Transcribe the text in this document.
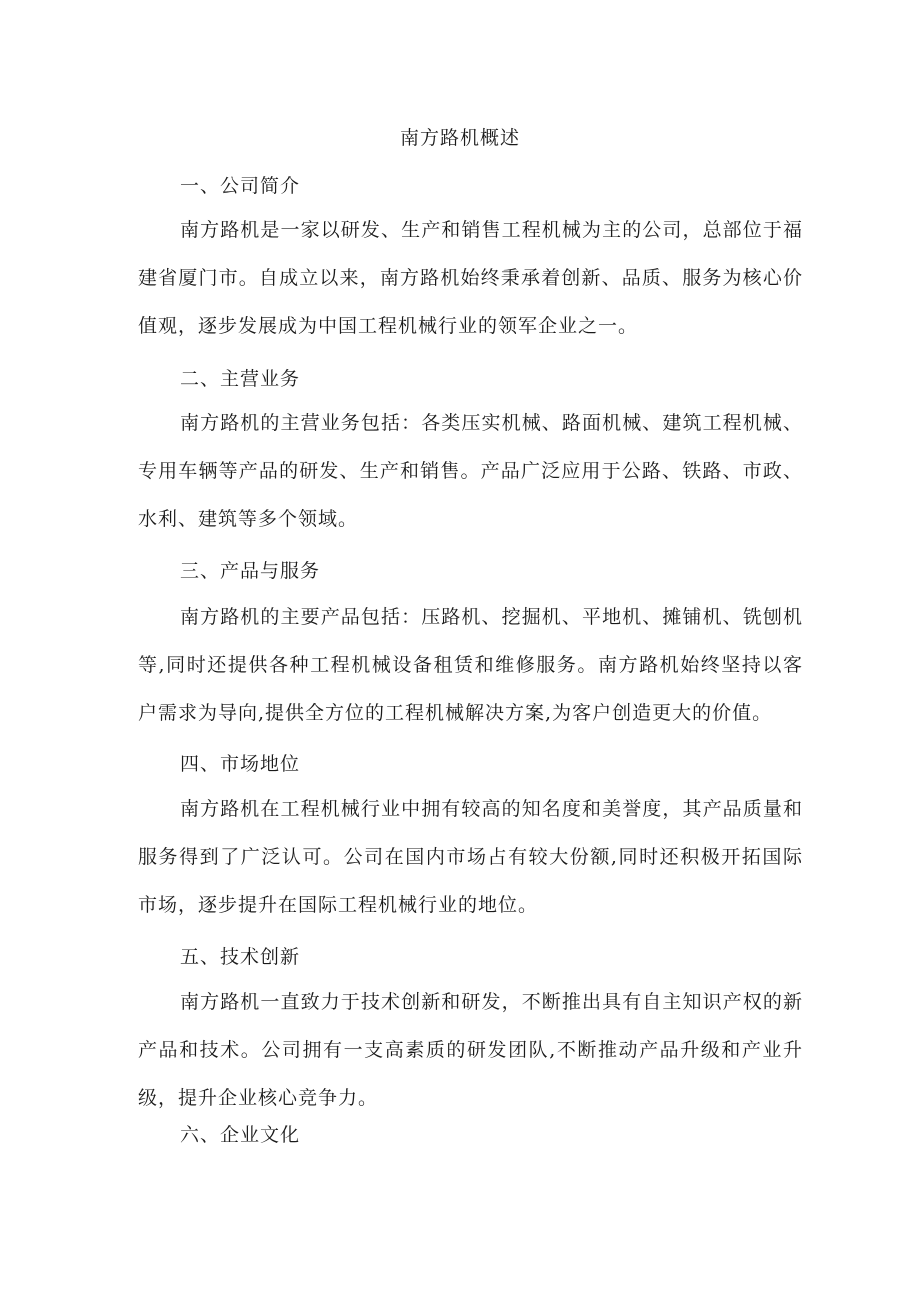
南方路机概述
一、公司简介
南方路机是一家以研发、生产和销售工程机械为主的公司，总部位于福建省厦门市。自成立以来，南方路机始终秉承着创新、品质、服务为核心价值观，逐步发展成为中国工程机械行业的领军企业之一。
二、主营业务
南方路机的主营业务包括：各类压实机械、路面机械、建筑工程机械、专用车辆等产品的研发、生产和销售。产品广泛应用于公路、铁路、市政、水利、建筑等多个领域。
三、产品与服务
南方路机的主要产品包括：压路机、挖掘机、平地机、摊铺机、铣刨机等,同时还提供各种工程机械设备租赁和维修服务。南方路机始终坚持以客户需求为导向,提供全方位的工程机械解决方案,为客户创造更大的价值。
四、市场地位
南方路机在工程机械行业中拥有较高的知名度和美誉度，其产品质量和服务得到了广泛认可。公司在国内市场占有较大份额,同时还积极开拓国际市场，逐步提升在国际工程机械行业的地位。
五、技术创新
南方路机一直致力于技术创新和研发，不断推出具有自主知识产权的新产品和技术。公司拥有一支高素质的研发团队,不断推动产品升级和产业升级，提升企业核心竞争力。
六、企业文化
